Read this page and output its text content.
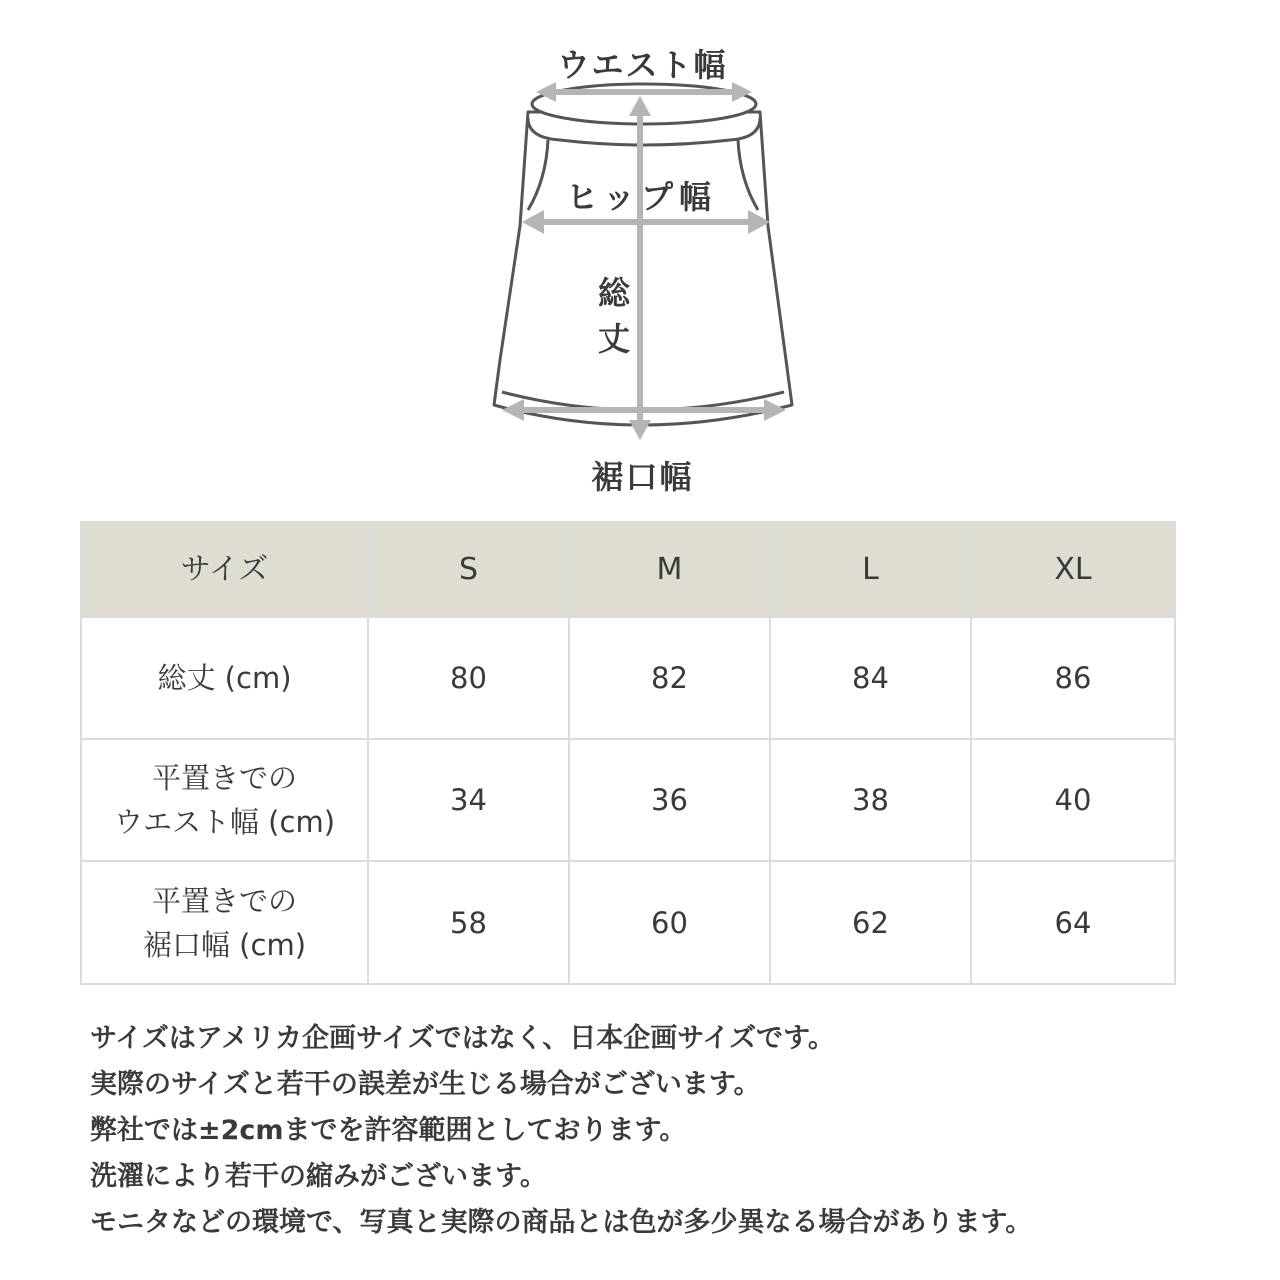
ウエスト幅
ヒップ幅
総
丈
裾口幅
サイズ	S	M	L	XL

総丈 (cm)	80	82	84	86

平置きでの
ウエスト幅 (cm)	34	36	38	40

平置きでの
裾口幅 (cm)	58	60	62	64

サイズはアメリカ企画サイズではなく、日本企画サイズです。

実際のサイズと若干の誤差が生じる場合がございます。

弊社では±2cmまでを許容範囲としております。

洗濯により若干の縮みがございます。

モニタなどの環境で、写真と実際の商品とは色が多少異なる場合があります。
